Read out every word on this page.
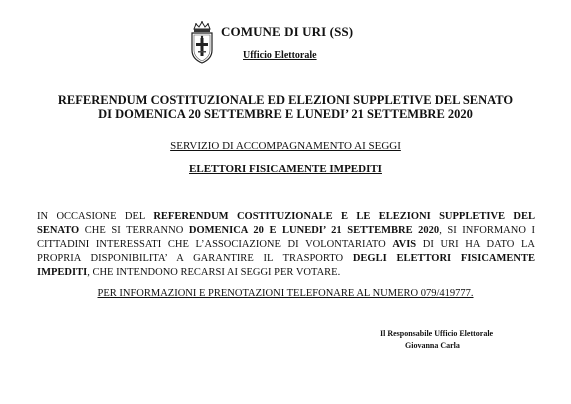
COMUNE DI URI (SS)
Ufficio Elettorale
REFERENDUM COSTITUZIONALE ED ELEZIONI SUPPLETIVE DEL SENATO
DI DOMENICA 20 SETTEMBRE E LUNEDI’ 21 SETTEMBRE 2020
SERVIZIO DI ACCOMPAGNAMENTO AI SEGGI
ELETTORI FISICAMENTE IMPEDITI
IN OCCASIONE DEL REFERENDUM COSTITUZIONALE E LE ELEZIONI SUPPLETIVE DEL
SENATO CHE SI TERRANNO DOMENICA 20 E LUNEDI’ 21 SETTEMBRE 2020, SI INFORMANO I
CITTADINI INTERESSATI CHE L’ASSOCIAZIONE DI VOLONTARIATO AVIS DI URI HA DATO LA
PROPRIA DISPONIBILITA’ A GARANTIRE IL TRASPORTO DEGLI ELETTORI FISICAMENTE
IMPEDITI, CHE INTENDONO RECARSI AI SEGGI PER VOTARE.
PER INFORMAZIONI E PRENOTAZIONI TELEFONARE AL NUMERO 079/419777.
Il Responsabile Ufficio Elettorale
Giovanna Carla
